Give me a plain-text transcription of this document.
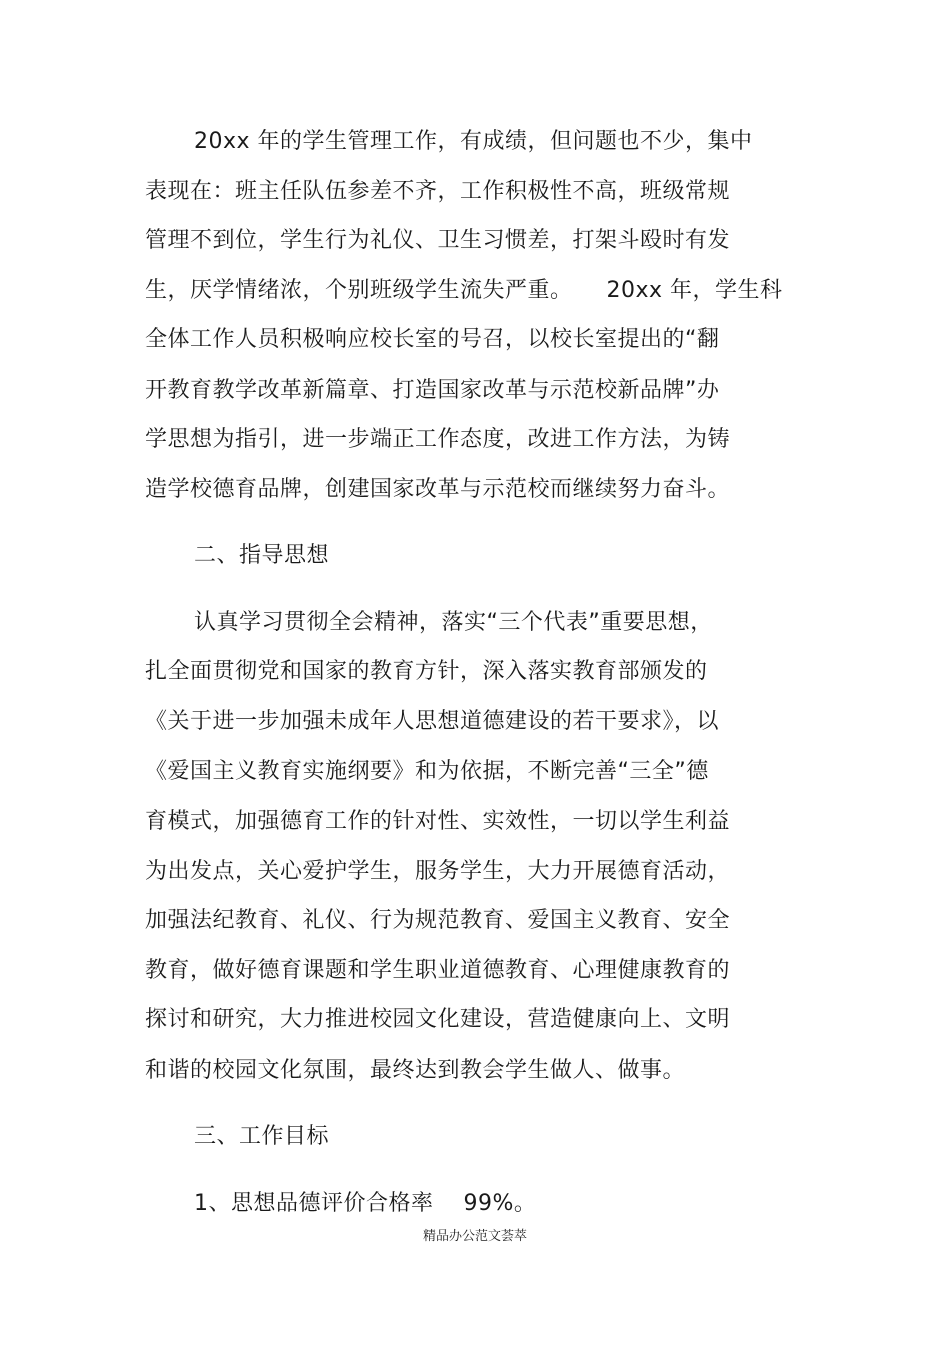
20xx 年的学生管理工作，有成绩，但问题也不少，集中
表现在：班主任队伍参差不齐，工作积极性不高，班级常规
管理不到位，学生行为礼仪、卫生习惯差，打架斗殴时有发
生，厌学情绪浓，个别班级学生流失严重。　　20xx 年，学生科
全体工作人员积极响应校长室的号召，以校长室提出的“翻
开教育教学改革新篇章、打造国家改革与示范校新品牌”办
学思想为指引，进一步端正工作态度，改进工作方法，为铸
造学校德育品牌，创建国家改革与示范校而继续努力奋斗。
二、指导思想
认真学习贯彻全会精神，落实“三个代表”重要思想，
扎全面贯彻党和国家的教育方针，深入落实教育部颁发的
《关于进一步加强未成年人思想道德建设的若干要求》，以
《爱国主义教育实施纲要》和为依据，不断完善“三全”德
育模式，加强德育工作的针对性、实效性，一切以学生利益
为出发点，关心爱护学生，服务学生，大力开展德育活动，
加强法纪教育、礼仪、行为规范教育、爱国主义教育、安全
教育，做好德育课题和学生职业道德教育、心理健康教育的
探讨和研究，大力推进校园文化建设，营造健康向上、文明
和谐的校园文化氛围，最终达到教会学生做人、做事。
三、工作目标
1、思想品德评价合格率　 99%。
精品办公范文荟萃
